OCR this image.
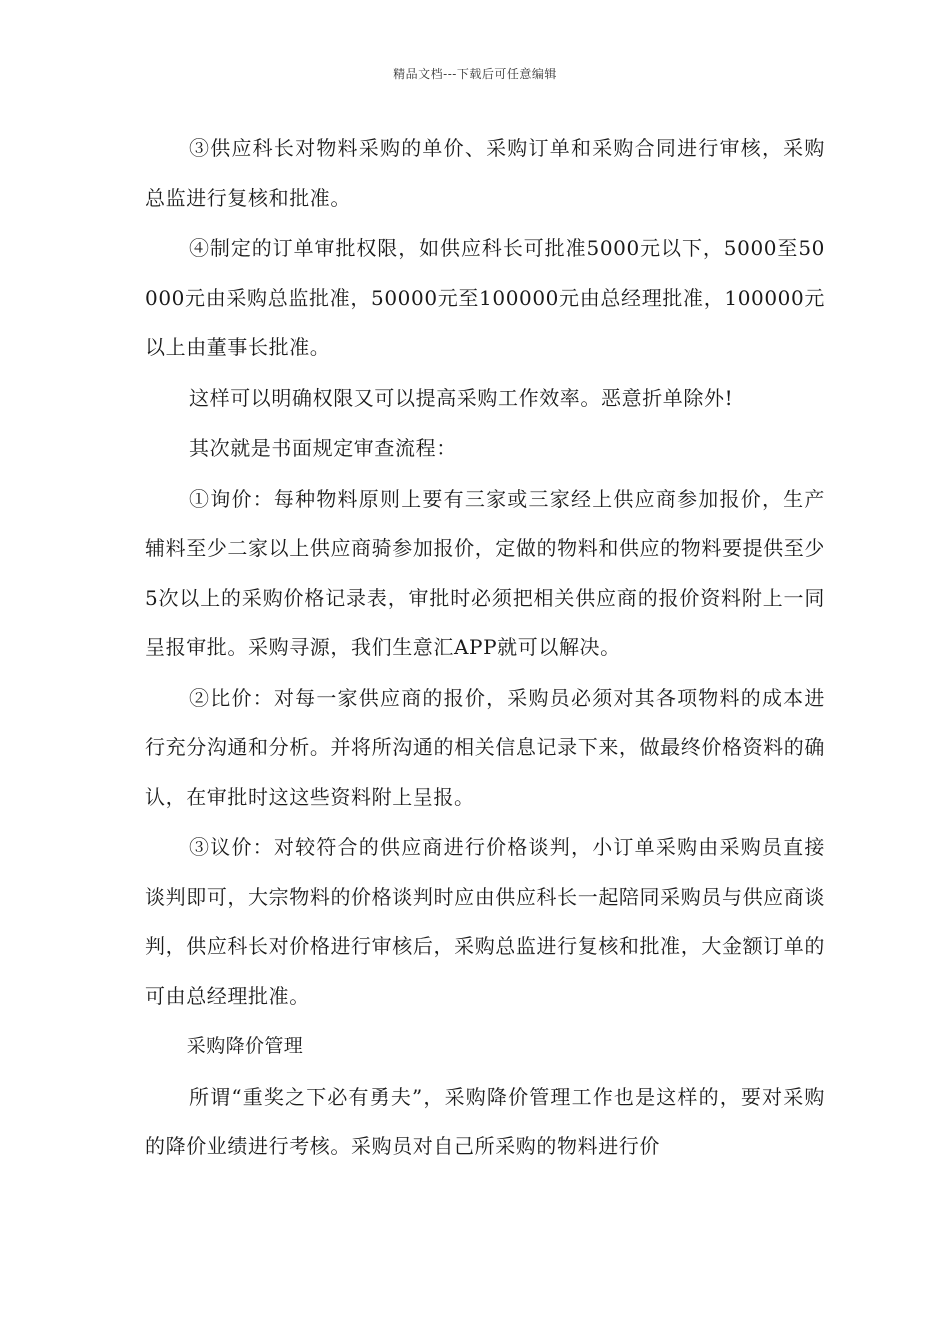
精品文档---下载后可任意编辑

③供应科长对物料采购的单价、采购订单和采购合同进行审核，采购总监进行复核和批准。

④制定的订单审批权限，如供应科长可批准5000元以下，5000至50000元由采购总监批准，50000元至100000元由总经理批准，100000元以上由董事长批准。

这样可以明确权限又可以提高采购工作效率。恶意折单除外!

其次就是书面规定审查流程：

①询价：每种物料原则上要有三家或三家经上供应商参加报价，生产辅料至少二家以上供应商骑参加报价，定做的物料和供应的物料要提供至少5次以上的采购价格记录表，审批时必须把相关供应商的报价资料附上一同呈报审批。采购寻源，我们生意汇APP就可以解决。

②比价：对每一家供应商的报价，采购员必须对其各项物料的成本进行充分沟通和分析。并将所沟通的相关信息记录下来，做最终价格资料的确认，在审批时这这些资料附上呈报。

③议价：对较符合的供应商进行价格谈判，小订单采购由采购员直接谈判即可，大宗物料的价格谈判时应由供应科长一起陪同采购员与供应商谈判，供应科长对价格进行审核后，采购总监进行复核和批准，大金额订单的可由总经理批准。

采购降价管理

所谓“重奖之下必有勇夫”，采购降价管理工作也是这样的，要对采购的降价业绩进行考核。采购员对自己所采购的物料进行价
